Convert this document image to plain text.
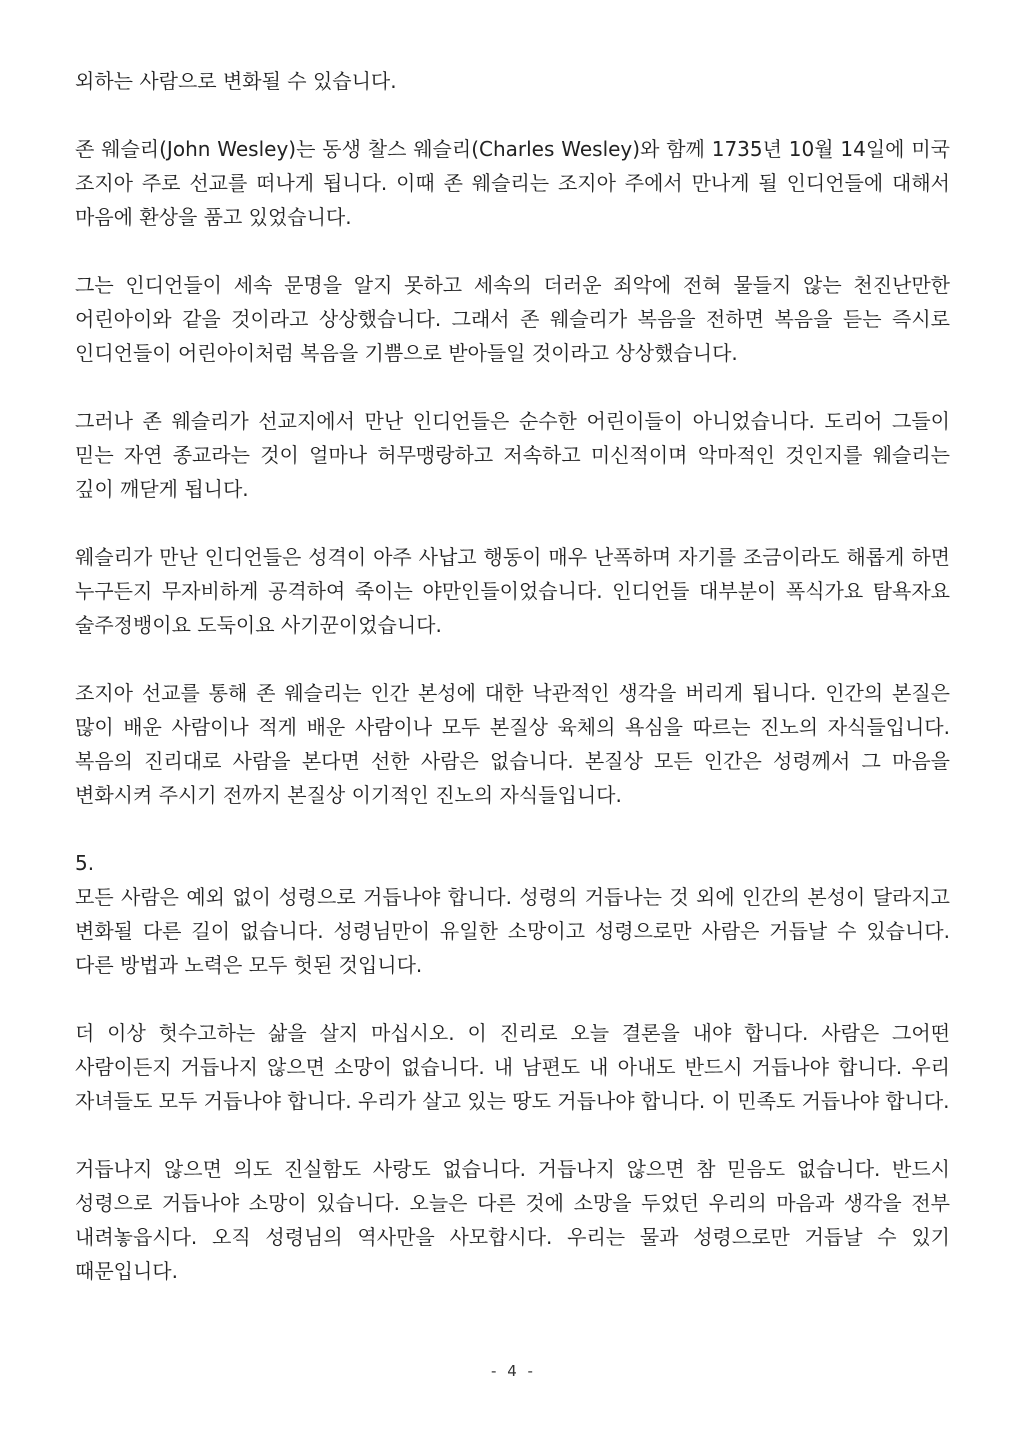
외하는 사람으로 변화될 수 있습니다.

존 웨슬리(John Wesley)는 동생 찰스 웨슬리(Charles Wesley)와 함께 1735년 10월 14일에 미국 조지아 주로 선교를 떠나게 됩니다. 이때 존 웨슬리는 조지아 주에서 만나게 될 인디언들에 대해서 마음에 환상을 품고 있었습니다.

그는 인디언들이 세속 문명을 알지 못하고 세속의 더러운 죄악에 전혀 물들지 않는 천진난만한 어린아이와 같을 것이라고 상상했습니다. 그래서 존 웨슬리가 복음을 전하면 복음을 듣는 즉시로 인디언들이 어린아이처럼 복음을 기쁨으로 받아들일 것이라고 상상했습니다.

그러나 존 웨슬리가 선교지에서 만난 인디언들은 순수한 어린이들이 아니었습니다. 도리어 그들이 믿는 자연 종교라는 것이 얼마나 허무맹랑하고 저속하고 미신적이며 악마적인 것인지를 웨슬리는 깊이 깨닫게 됩니다.

웨슬리가 만난 인디언들은 성격이 아주 사납고 행동이 매우 난폭하며 자기를 조금이라도 해롭게 하면 누구든지 무자비하게 공격하여 죽이는 야만인들이었습니다. 인디언들 대부분이 폭식가요 탐욕자요 술주정뱅이요 도둑이요 사기꾼이었습니다.

조지아 선교를 통해 존 웨슬리는 인간 본성에 대한 낙관적인 생각을 버리게 됩니다. 인간의 본질은 많이 배운 사람이나 적게 배운 사람이나 모두 본질상 육체의 욕심을 따르는 진노의 자식들입니다. 복음의 진리대로 사람을 본다면 선한 사람은 없습니다. 본질상 모든 인간은 성령께서 그 마음을 변화시켜 주시기 전까지 본질상 이기적인 진노의 자식들입니다.

5.

모든 사람은 예외 없이 성령으로 거듭나야 합니다. 성령의 거듭나는 것 외에 인간의 본성이 달라지고 변화될 다른 길이 없습니다. 성령님만이 유일한 소망이고 성령으로만 사람은 거듭날 수 있습니다. 다른 방법과 노력은 모두 헛된 것입니다.

더 이상 헛수고하는 삶을 살지 마십시오. 이 진리로 오늘 결론을 내야 합니다. 사람은 그어떤 사람이든지 거듭나지 않으면 소망이 없습니다. 내 남편도 내 아내도 반드시 거듭나야 합니다. 우리 자녀들도 모두 거듭나야 합니다. 우리가 살고 있는 땅도 거듭나야 합니다. 이 민족도 거듭나야 합니다.

거듭나지 않으면 의도 진실함도 사랑도 없습니다. 거듭나지 않으면 참 믿음도 없습니다. 반드시 성령으로 거듭나야 소망이 있습니다. 오늘은 다른 것에 소망을 두었던 우리의 마음과 생각을 전부 내려놓읍시다. 오직 성령님의 역사만을 사모합시다. 우리는 물과 성령으로만 거듭날 수 있기 때문입니다.

- 4 -
